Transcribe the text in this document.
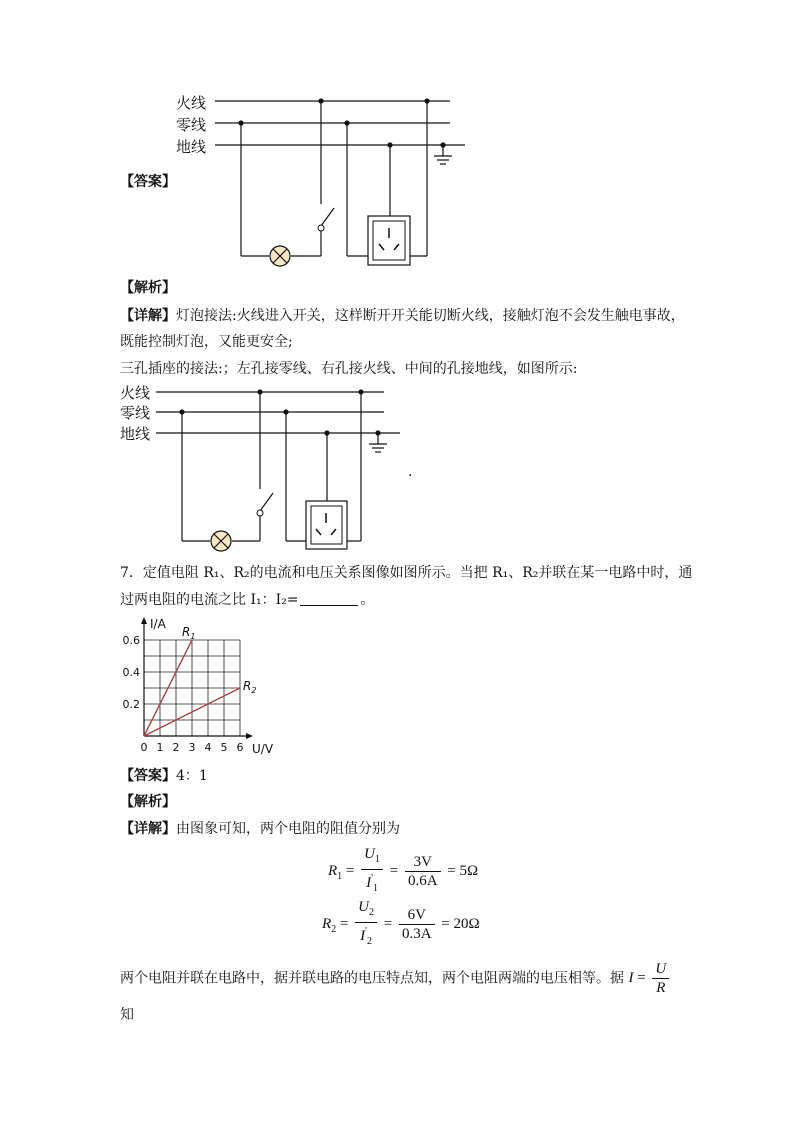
火线
零线
地线
【答案】
【解析】
【详解】灯泡接法:火线进入开关，这样断开开关能切断火线，接触灯泡不会发生触电事故，
既能控制灯泡，又能更安全;
三孔插座的接法:；左孔接零线、右孔接火线、中间的孔接地线，如图所示:
火线
零线
地线
.
7．定值电阻 R₁、R₂的电流和电压关系图像如图所示。当把 R₁、R₂并联在某一电路中时，通
过两电阻的电流之比 I₁：I₂=	。
0 1 2 3 4 5 6
0.2
0.4
0.6
$R_1$
$R_2$
I/A
U/V
【答案】4：1
【解析】
【详解】由图象可知，两个电阻的阻值分别为
$R_1 = \frac{U_1}{I'_1} = \frac{3V}{0.6A} = 5\Omega$
$R_2 = \frac{U_2}{I'_2} = \frac{6V}{0.3A} = 20\Omega$
两个电阻并联在电路中，据并联电路的电压特点知，两个电阻两端的电压相等。据 $I = \frac{U}{R}$
知
